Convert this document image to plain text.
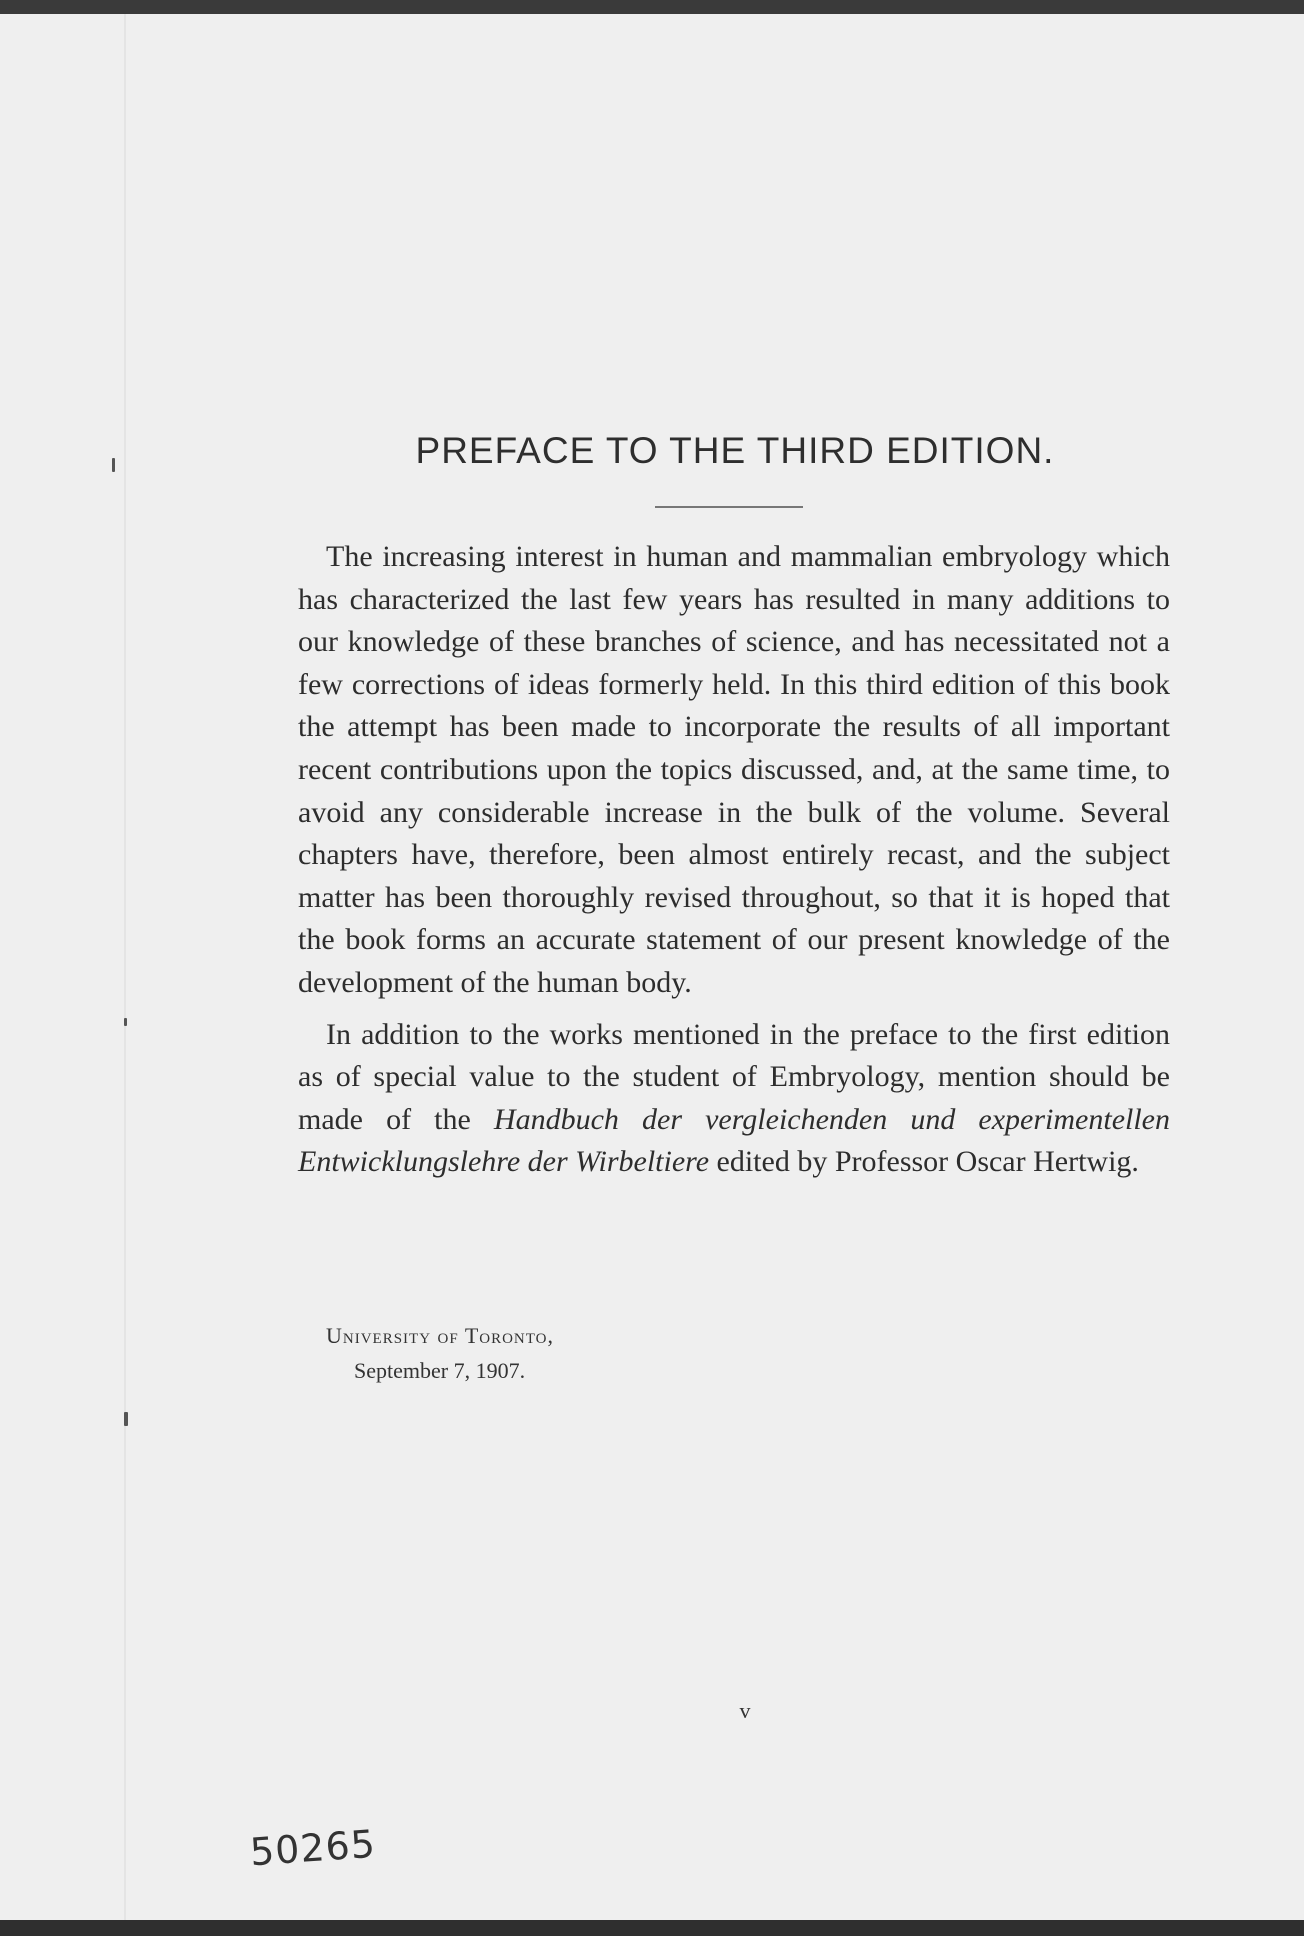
PREFACE TO THE THIRD EDITION.

The increasing interest in human and mammalian embryology which has characterized the last few years has resulted in many additions to our knowledge of these branches of science, and has necessitated not a few corrections of ideas formerly held. In this third edition of this book the attempt has been made to incorporate the results of all important recent contributions upon the topics discussed, and, at the same time, to avoid any considerable increase in the bulk of the volume. Several chapters have, therefore, been almost entirely recast, and the subject matter has been thoroughly revised throughout, so that it is hoped that the book forms an accurate statement of our present knowledge of the development of the human body.

In addition to the works mentioned in the preface to the first edition as of special value to the student of Embryology, mention should be made of the Handbuch der vergleichenden und experimentellen Entwicklungslehre der Wirbeltiere edited by Professor Oscar Hertwig.

University of Toronto,
September 7, 1907.
v
50265
